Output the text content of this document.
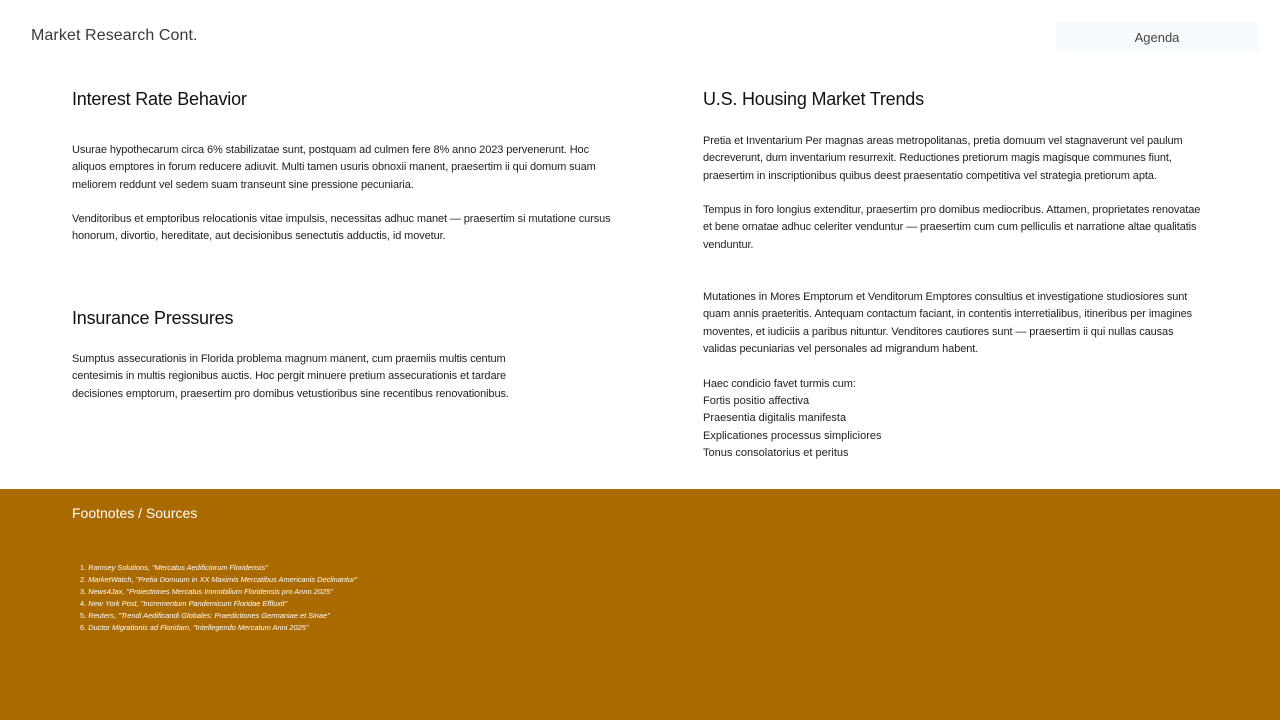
Market Research Cont.	Agenda
Interest Rate Behavior

Usurae hypothecarum circa 6% stabilizatae sunt, postquam ad culmen fere 8% anno 2023 pervenerunt. Hoc aliquos emptores in forum reducere adiuvit. Multi tamen usuris obnoxii manent, praesertim ii qui domum suam meliorem reddunt vel sedem suam transeunt sine pressione pecuniaria.

Venditoribus et emptoribus relocationis vitae impulsis, necessitas adhuc manet — praesertim si mutatione cursus honorum, divortio, hereditate, aut decisionibus senectutis adductis, id movetur.

Insurance Pressures

Sumptus assecurationis in Florida problema magnum manent, cum praemiis multis centum centesimis in multis regionibus auctis. Hoc pergit minuere pretium assecurationis et tardare decisiones emptorum, praesertim pro domibus vetustioribus sine recentibus renovationibus.

U.S. Housing Market Trends

Pretia et Inventarium Per magnas areas metropolitanas, pretia domuum vel stagnaverunt vel paulum decreverunt, dum inventarium resurrexit. Reductiones pretiorum magis magisque communes fiunt, praesertim in inscriptionibus quibus deest praesentatio competitiva vel strategia pretiorum apta.

Tempus in foro longius extenditur, praesertim pro domibus mediocribus. Attamen, proprietates renovatae et bene ornatae adhuc celeriter venduntur — praesertim cum cum pelliculis et narratione altae qualitatis venduntur.

Mutationes in Mores Emptorum et Venditorum Emptores consultius et investigatione studiosiores sunt quam annis praeteritis. Antequam contactum faciant, in contentis interretialibus, itineribus per imagines moventes, et iudiciis a paribus nituntur. Venditores cautiores sunt — praesertim ii qui nullas causas validas pecuniarias vel personales ad migrandum habent.

Haec condicio favet turmis cum:

Fortis positio affectiva
Praesentia digitalis manifesta
Explicationes processus simpliciores
Tonus consolatorius et peritus
Footnotes / Sources
1. Ramsey Solutions, "Mercatus Aedificiorum Floridensis"
2. MarketWatch, "Pretia Domuum in XX Maximis Mercatibus Americanis Declinantur"
3. News4Jax, "Proiectiones Mercatus Immobilium Floridensis pro Anno 2025"
4. New York Post, "Incrementum Pandemicum Floridae Effluxit"
5. Reuters, "Trendi Aedificandi Globales: Praedictiones Germaniae et Sinae"
6. Ductor Migrationis ad Floridam, "Intellegendo Mercatum Anni 2025"
